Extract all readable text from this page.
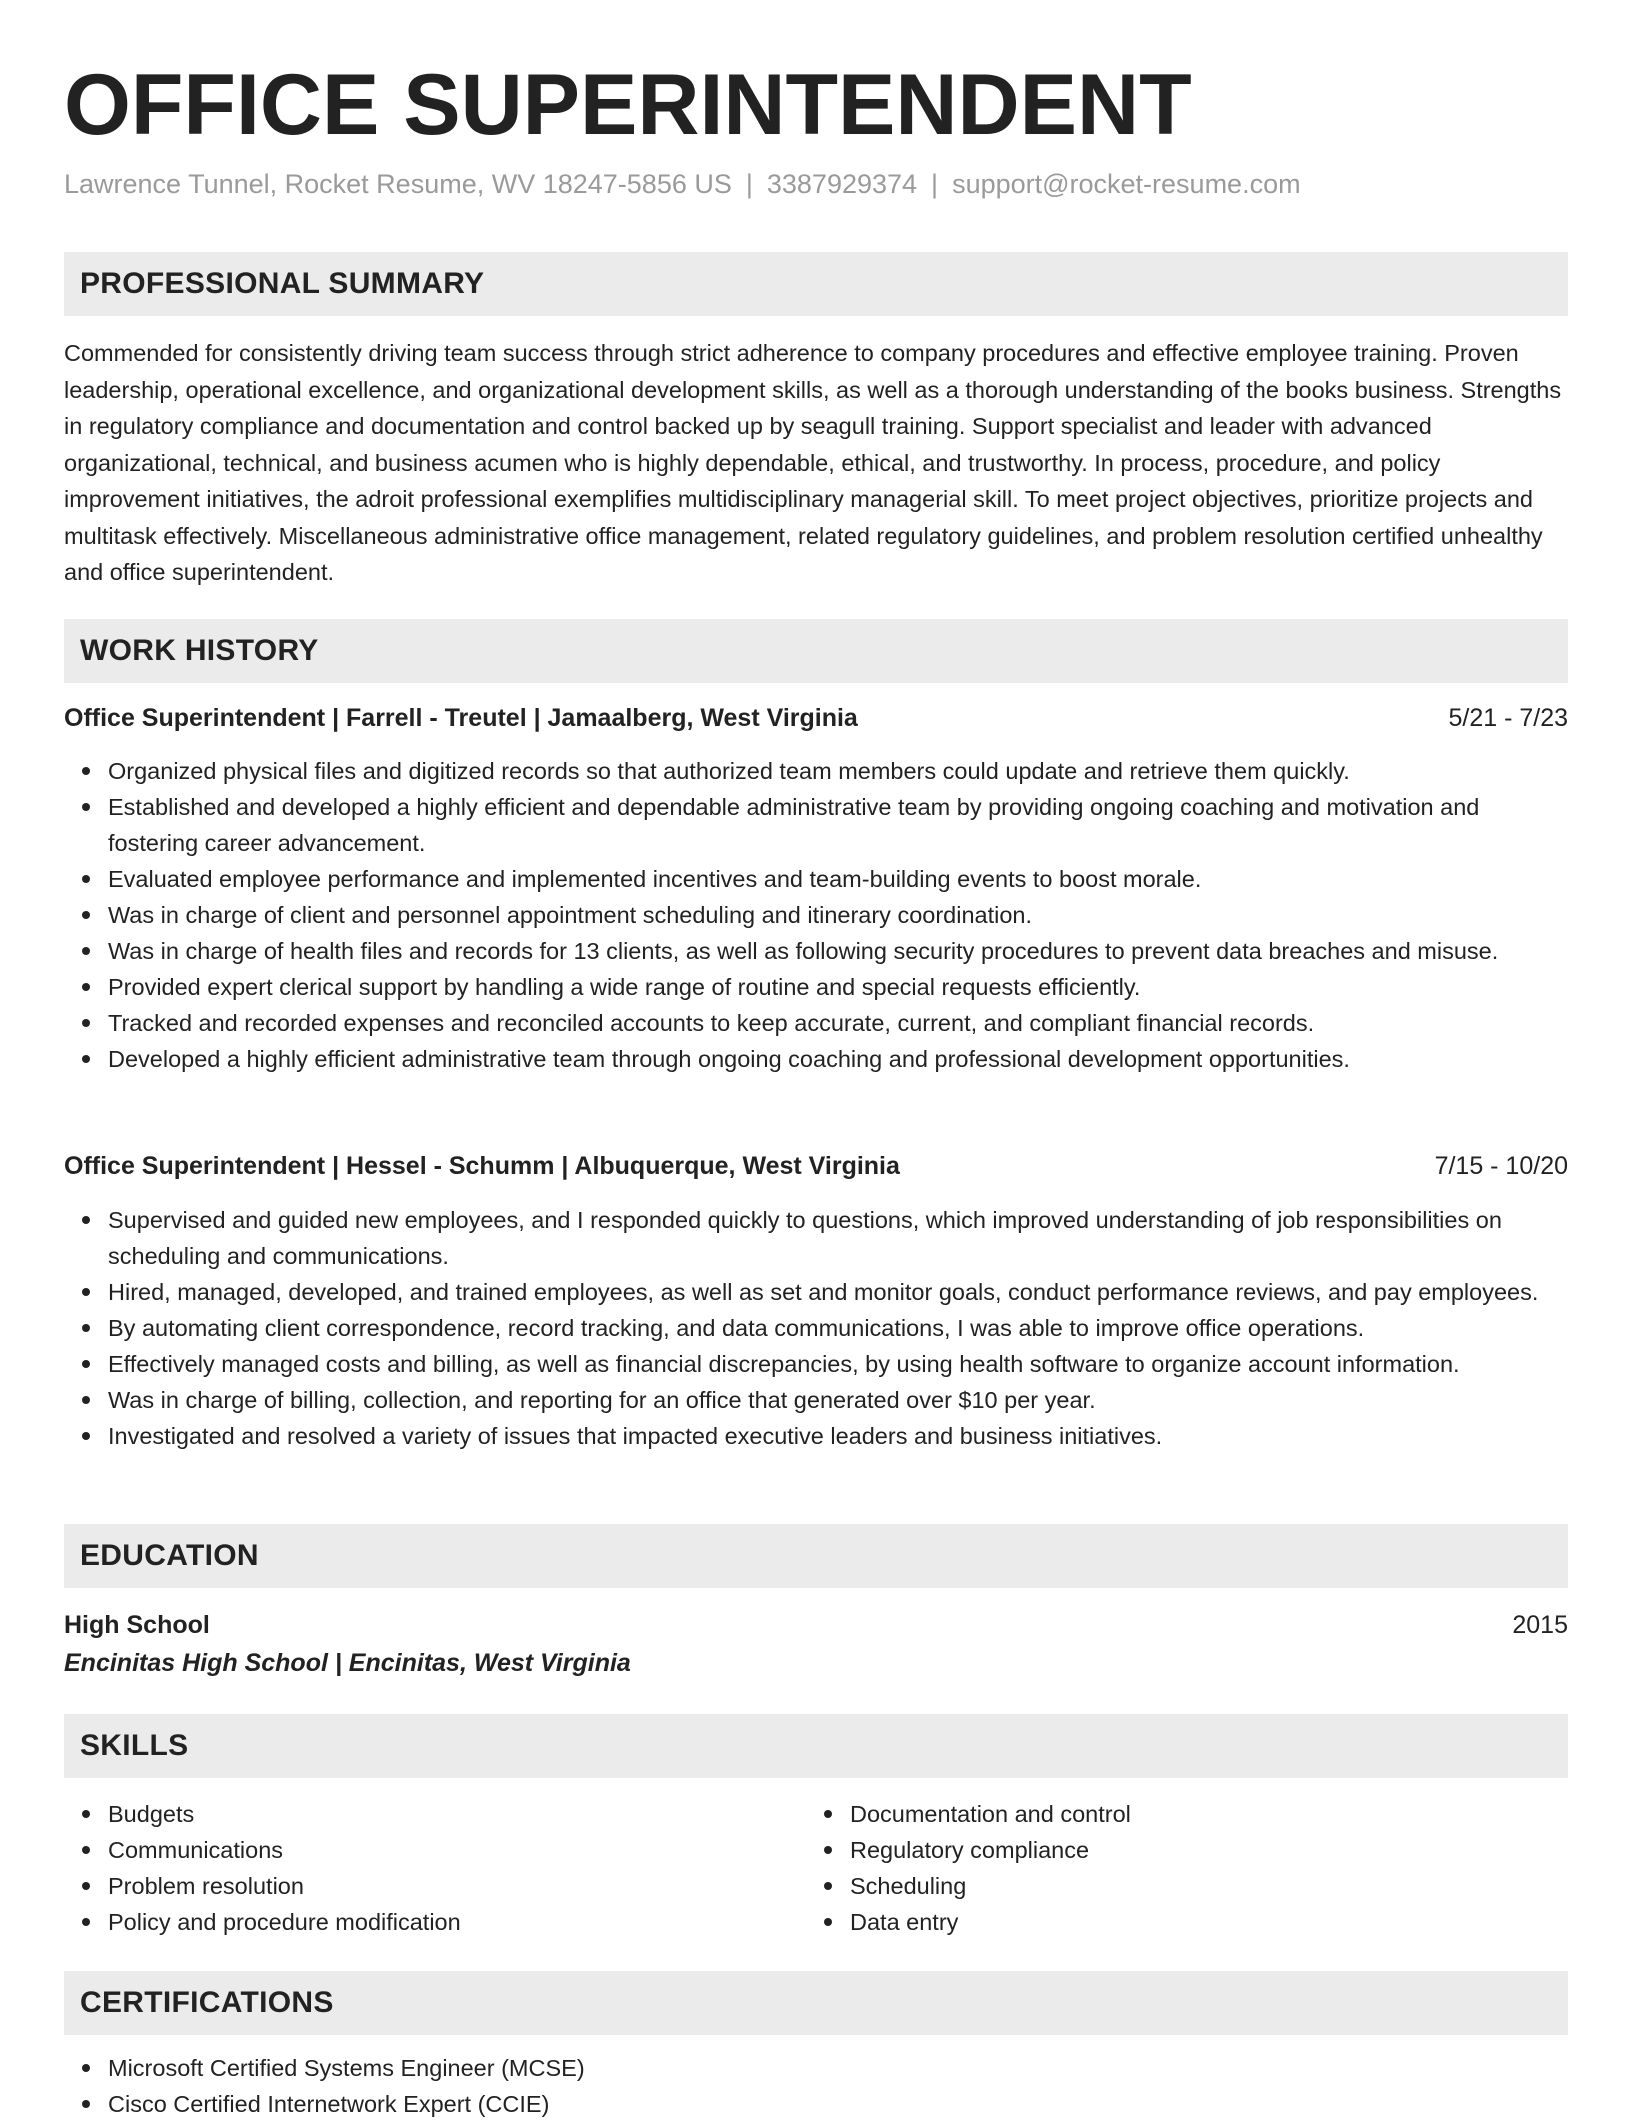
OFFICE SUPERINTENDENT
Lawrence Tunnel, Rocket Resume, WV 18247-5856 US | 3387929374 | support@rocket-resume.com
PROFESSIONAL SUMMARY
Commended for consistently driving team success through strict adherence to company procedures and effective employee training. Proven leadership, operational excellence, and organizational development skills, as well as a thorough understanding of the books business. Strengths in regulatory compliance and documentation and control backed up by seagull training. Support specialist and leader with advanced organizational, technical, and business acumen who is highly dependable, ethical, and trustworthy. In process, procedure, and policy improvement initiatives, the adroit professional exemplifies multidisciplinary managerial skill. To meet project objectives, prioritize projects and multitask effectively. Miscellaneous administrative office management, related regulatory guidelines, and problem resolution certified unhealthy and office superintendent.
WORK HISTORY
Office Superintendent | Farrell - Treutel | Jamaalberg, West Virginia	5/21 - 7/23
Organized physical files and digitized records so that authorized team members could update and retrieve them quickly.
Established and developed a highly efficient and dependable administrative team by providing ongoing coaching and motivation and fostering career advancement.
Evaluated employee performance and implemented incentives and team-building events to boost morale.
Was in charge of client and personnel appointment scheduling and itinerary coordination.
Was in charge of health files and records for 13 clients, as well as following security procedures to prevent data breaches and misuse.
Provided expert clerical support by handling a wide range of routine and special requests efficiently.
Tracked and recorded expenses and reconciled accounts to keep accurate, current, and compliant financial records.
Developed a highly efficient administrative team through ongoing coaching and professional development opportunities.
Office Superintendent | Hessel - Schumm | Albuquerque, West Virginia	7/15 - 10/20
Supervised and guided new employees, and I responded quickly to questions, which improved understanding of job responsibilities on scheduling and communications.
Hired, managed, developed, and trained employees, as well as set and monitor goals, conduct performance reviews, and pay employees.
By automating client correspondence, record tracking, and data communications, I was able to improve office operations.
Effectively managed costs and billing, as well as financial discrepancies, by using health software to organize account information.
Was in charge of billing, collection, and reporting for an office that generated over $10 per year.
Investigated and resolved a variety of issues that impacted executive leaders and business initiatives.
EDUCATION
High School	2015
Encinitas High School | Encinitas, West Virginia
SKILLS
Budgets
Communications
Problem resolution
Policy and procedure modification
Documentation and control
Regulatory compliance
Scheduling
Data entry
CERTIFICATIONS
Microsoft Certified Systems Engineer (MCSE)
Cisco Certified Internetwork Expert (CCIE)
